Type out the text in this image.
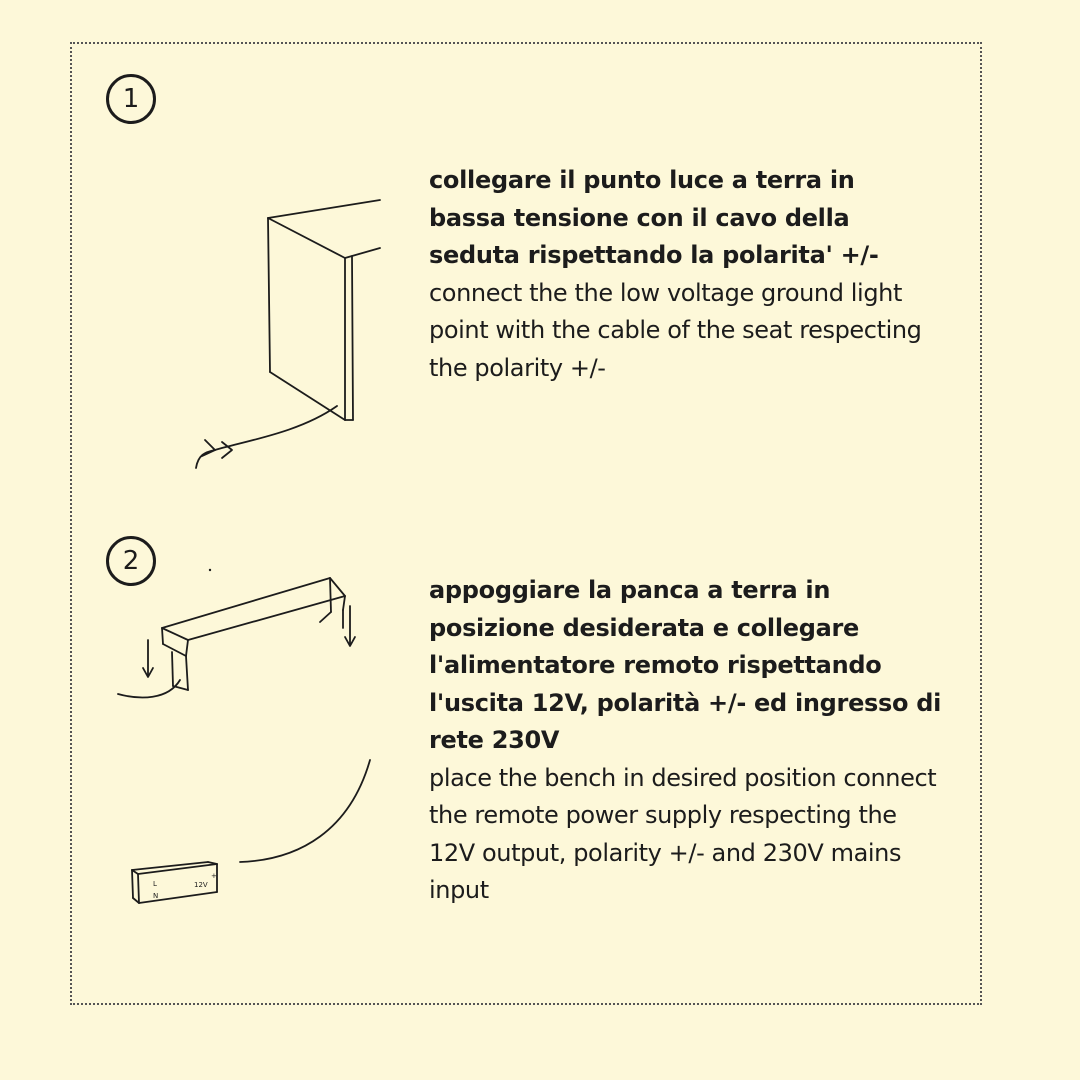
L
N
12V
+
1
collegare il punto luce a terra in bassa tensione con il cavo della seduta rispettando la polarita' +/-
connect the the low voltage ground light point with the cable of the seat respecting the polarity +/-
2
appoggiare la panca a terra in posizione desiderata e collegare l'alimentatore remoto rispettando l'uscita 12V, polarità +/- ed ingresso di rete 230V
place the bench in desired position connect the remote power supply respecting the 12V output, polarity +/- and 230V mains input
